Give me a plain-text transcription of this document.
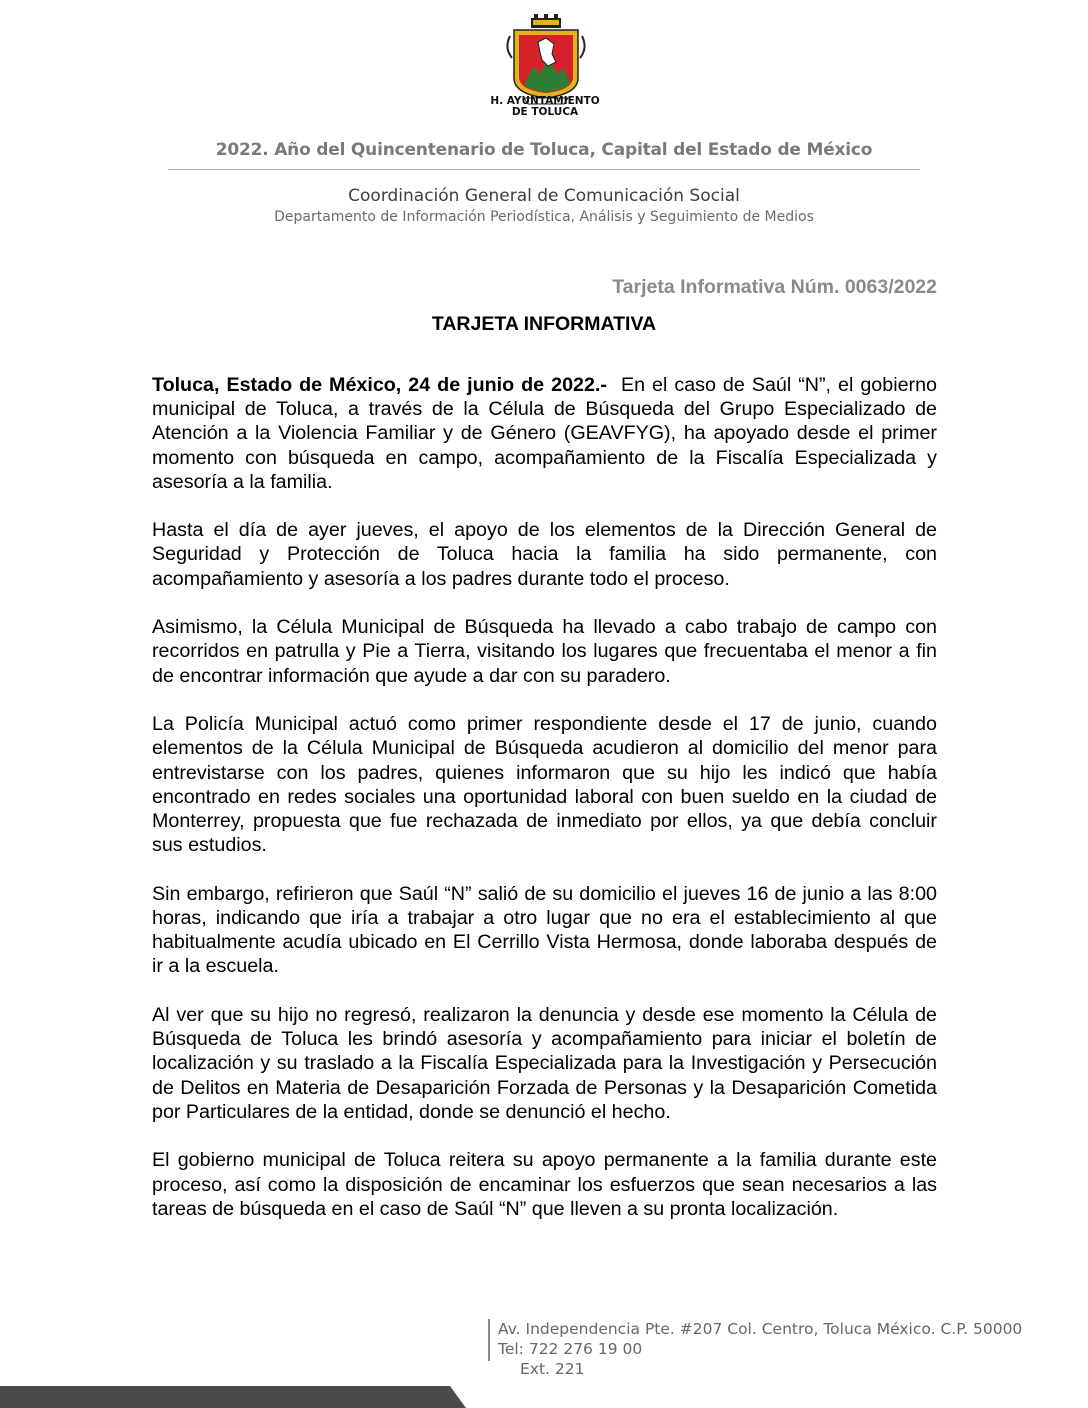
H. AYUNTAMIENTO
DE TOLUCA
2022. Año del Quincentenario de Toluca, Capital del Estado de México
Coordinación General de Comunicación Social
Departamento de Información Periodística, Análisis y Seguimiento de Medios
Tarjeta Informativa Núm. 0063/2022
TARJETA INFORMATIVA

Toluca, Estado de México, 24 de junio de 2022.- En el caso de Saúl “N”, el gobierno municipal de Toluca, a través de la Célula de Búsqueda del Grupo Especializado de Atención a la Violencia Familiar y de Género (GEAVFYG), ha apoyado desde el primer momento con búsqueda en campo, acompañamiento de la Fiscalía Especializada y asesoría a la familia.

Hasta el día de ayer jueves, el apoyo de los elementos de la Dirección General de Seguridad y Protección de Toluca hacia la familia ha sido permanente, con acompañamiento y asesoría a los padres durante todo el proceso.

Asimismo, la Célula Municipal de Búsqueda ha llevado a cabo trabajo de campo con recorridos en patrulla y Pie a Tierra, visitando los lugares que frecuentaba el menor a fin de encontrar información que ayude a dar con su paradero.

La Policía Municipal actuó como primer respondiente desde el 17 de junio, cuando elementos de la Célula Municipal de Búsqueda acudieron al domicilio del menor para entrevistarse con los padres, quienes informaron que su hijo les indicó que había encontrado en redes sociales una oportunidad laboral con buen sueldo en la ciudad de Monterrey, propuesta que fue rechazada de inmediato por ellos, ya que debía concluir sus estudios.

Sin embargo, refirieron que Saúl “N” salió de su domicilio el jueves 16 de junio a las 8:00 horas, indicando que iría a trabajar a otro lugar que no era el establecimiento al que habitualmente acudía ubicado en El Cerrillo Vista Hermosa, donde laboraba después de ir a la escuela.

Al ver que su hijo no regresó, realizaron la denuncia y desde ese momento la Célula de Búsqueda de Toluca les brindó asesoría y acompañamiento para iniciar el boletín de localización y su traslado a la Fiscalía Especializada para la Investigación y Persecución de Delitos en Materia de Desaparición Forzada de Personas y la Desaparición Cometida por Particulares de la entidad, donde se denunció el hecho.

El gobierno municipal de Toluca reitera su apoyo permanente a la familia durante este proceso, así como la disposición de encaminar los esfuerzos que sean necesarios a las tareas de búsqueda en el caso de Saúl “N” que lleven a su pronta localización.

Av. Independencia Pte. #207 Col. Centro, Toluca México. C.P. 50000
Tel: 722 276 19 00
Ext. 221
